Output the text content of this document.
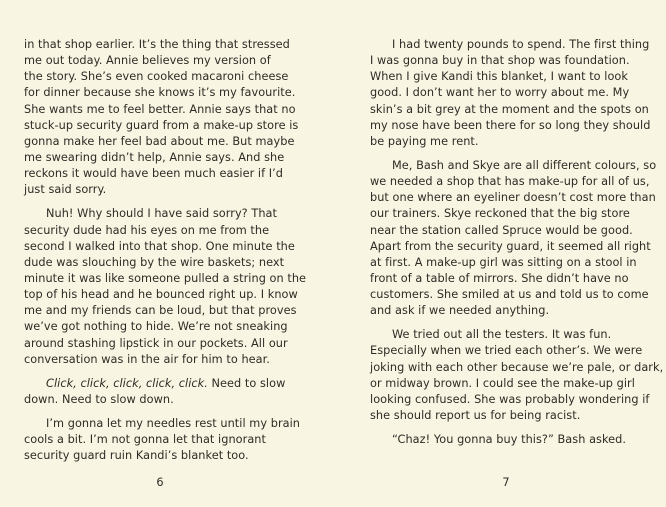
in that shop earlier. It’s the thing that stressed
me out today. Annie believes my version of
the story. She’s even cooked macaroni cheese
for dinner because she knows it’s my favourite.
She wants me to feel better. Annie says that no
stuck-up security guard from a make-up store is
gonna make her feel bad about me. But maybe
me swearing didn’t help, Annie says. And she
reckons it would have been much easier if I’d
just said sorry.

Nuh! Why should I have said sorry? That
security dude had his eyes on me from the
second I walked into that shop. One minute the
dude was slouching by the wire baskets; next
minute it was like someone pulled a string on the
top of his head and he bounced right up. I know
me and my friends can be loud, but that proves
we’ve got nothing to hide. We’re not sneaking
around stashing lipstick in our pockets. All our
conversation was in the air for him to hear.

Click, click, click, click, click. Need to slow
down. Need to slow down.

I’m gonna let my needles rest until my brain
cools a bit. I’m not gonna let that ignorant
security guard ruin Kandi’s blanket too.

6

I had twenty pounds to spend. The first thing
I was gonna buy in that shop was foundation.
When I give Kandi this blanket, I want to look
good. I don’t want her to worry about me. My
skin’s a bit grey at the moment and the spots on
my nose have been there for so long they should
be paying me rent.

Me, Bash and Skye are all different colours, so
we needed a shop that has make-up for all of us,
but one where an eyeliner doesn’t cost more than
our trainers. Skye reckoned that the big store
near the station called Spruce would be good.
Apart from the security guard, it seemed all right
at first. A make-up girl was sitting on a stool in
front of a table of mirrors. She didn’t have no
customers. She smiled at us and told us to come
and ask if we needed anything.

We tried out all the testers. It was fun.
Especially when we tried each other’s. We were
joking with each other because we’re pale, or dark,
or midway brown. I could see the make-up girl
looking confused. She was probably wondering if
she should report us for being racist.

“Chaz! You gonna buy this?” Bash asked.

7
